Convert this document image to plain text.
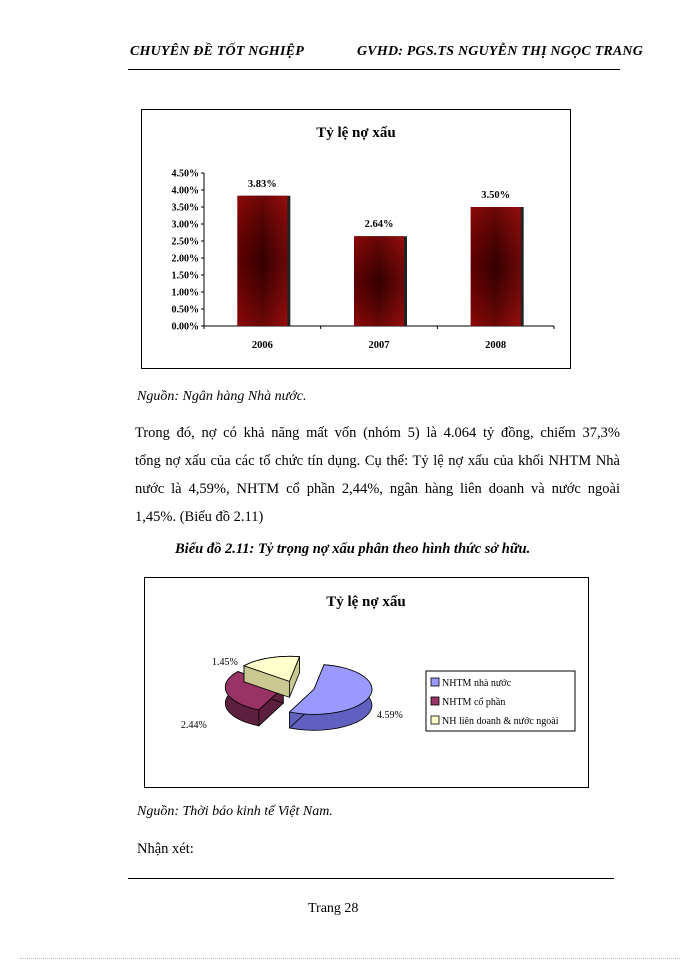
CHUYÊN ĐỀ TỐT NGHIỆP	GVHD: PGS.TS NGUYỄN THỊ NGỌC TRANG
Tỷ lệ nợ xấu
0.00%
0.50%
1.00%
1.50%
2.00%
2.50%
3.00%
3.50%
4.00%
4.50%
3.83%
2006
2.64%
2007
3.50%
2008
Nguồn: Ngân hàng Nhà nước.
Trong đó, nợ có khả năng mất vốn (nhóm 5) là 4.064 tỷ đồng, chiếm 37,3%
tổng nợ xấu của các tổ chức tín dụng. Cụ thể: Tỷ lệ nợ xấu của khối NHTM Nhà
nước là 4,59%, NHTM cổ phần 2,44%, ngân hàng liên doanh và nước ngoài
1,45%. (Biểu đồ 2.11)
Biểu đồ 2.11: Tỷ trọng nợ xấu phân theo hình thức sở hữu.
Tỷ lệ nợ xấu
4.59%
2.44%
1.45%
NHTM nhà nước
NHTM cổ phần
NH liên doanh & nước ngoài
Nguồn: Thời báo kinh tế Việt Nam.
Nhận xét:
Trang 28
